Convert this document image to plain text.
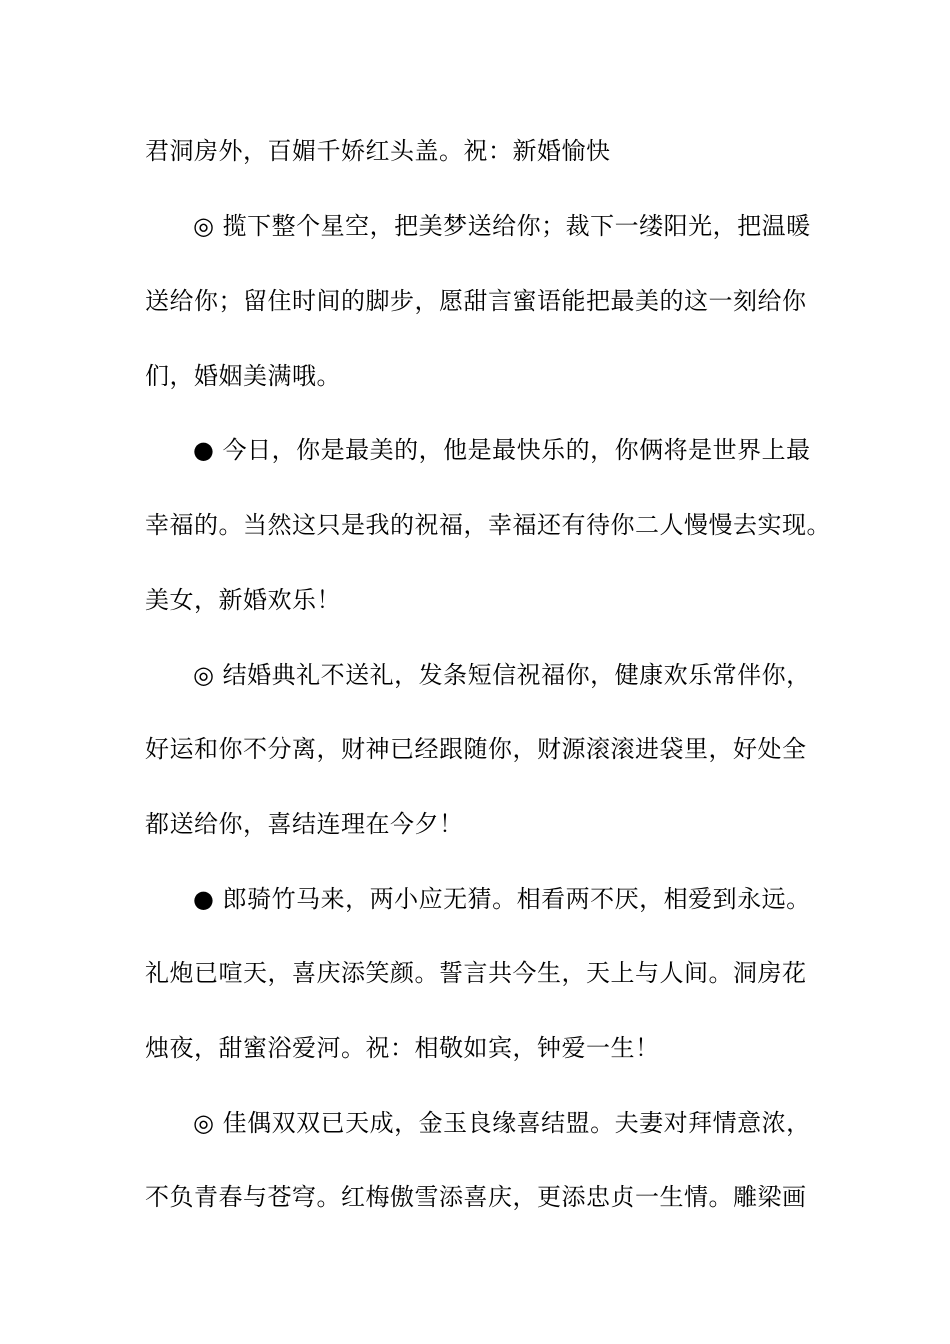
君洞房外，百媚千娇红头盖。祝：新婚愉快
◎ 揽下整个星空，把美梦送给你；裁下一缕阳光，把温暖
送给你；留住时间的脚步，愿甜言蜜语能把最美的这一刻给你
们，婚姻美满哦。
● 今日，你是最美的，他是最快乐的，你俩将是世界上最
幸福的。当然这只是我的祝福，幸福还有待你二人慢慢去实现。
美女，新婚欢乐！
◎ 结婚典礼不送礼，发条短信祝福你，健康欢乐常伴你，
好运和你不分离，财神已经跟随你，财源滚滚进袋里，好处全
都送给你，喜结连理在今夕！
● 郎骑竹马来，两小应无猜。相看两不厌，相爱到永远。
礼炮已喧天，喜庆添笑颜。誓言共今生，天上与人间。洞房花
烛夜，甜蜜浴爱河。祝：相敬如宾，钟爱一生！
◎ 佳偶双双已天成，金玉良缘喜结盟。夫妻对拜情意浓，
不负青春与苍穹。红梅傲雪添喜庆，更添忠贞一生情。雕梁画
